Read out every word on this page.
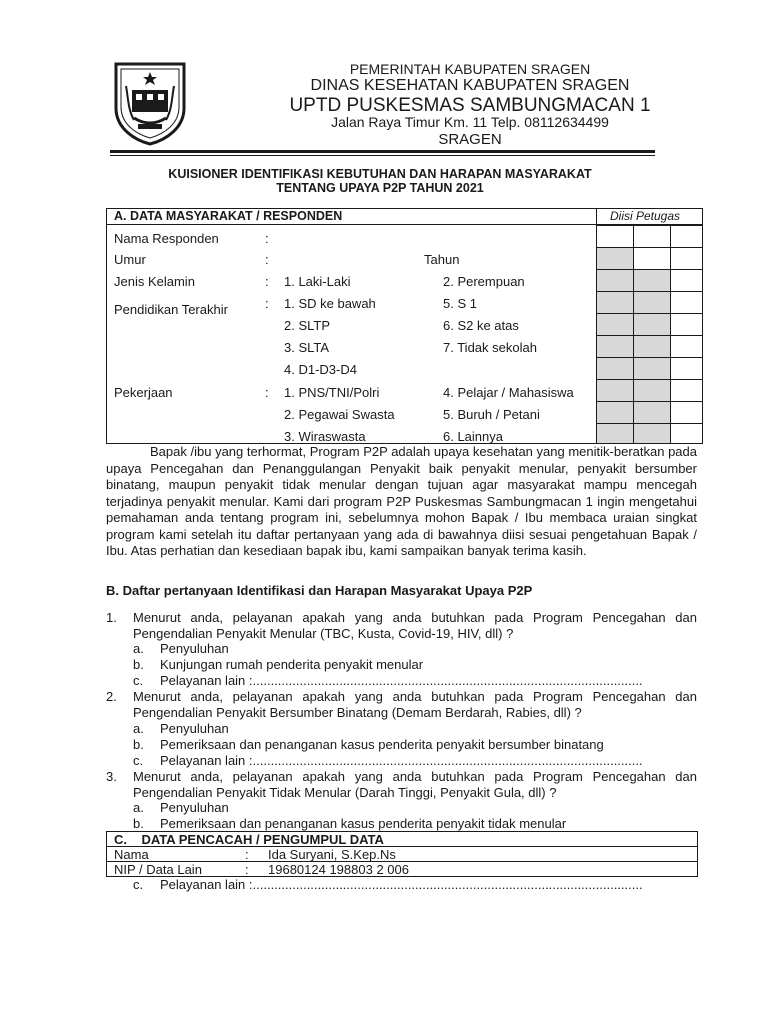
PEMERINTAH KABUPATEN SRAGEN
DINAS KESEHATAN KABUPATEN SRAGEN
UPTD PUSKESMAS SAMBUNGMACAN 1
Jalan Raya Timur Km. 11 Telp. 08112634499
SRAGEN
KUISIONER IDENTIFIKASI KEBUTUHAN DAN HARAPAN MASYARAKAT
TENTANG UPAYA P2P TAHUN 2021
A. DATA MASYARAKAT / RESPONDEN	Diisi Petugas
Nama Responden	:
Umur	:	Tahun
Jenis Kelamin	: 1. Laki-Laki	2. Perempuan
Pendidikan Terakhir	: 1. SD ke bawah	5. S 1
2. SLTP	6. S2 ke atas
3. SLTA	7. Tidak sekolah
4. D1-D3-D4
Pekerjaan	: 1. PNS/TNI/Polri	4. Pelajar / Mahasiswa
2. Pegawai Swasta	5. Buruh / Petani
3. Wiraswasta	6. Lainnya

Bapak /ibu yang terhormat, Program P2P adalah upaya kesehatan yang menitik-beratkan pada upaya Pencegahan dan Penanggulangan Penyakit baik penyakit menular, penyakit bersumber binatang, maupun penyakit tidak menular dengan tujuan agar masyarakat mampu mencegah terjadinya penyakit menular. Kami dari program P2P Puskesmas Sambungmacan 1 ingin mengetahui pemahaman anda tentang program ini, sebelumnya mohon Bapak / Ibu membaca uraian singkat program kami setelah itu daftar pertanyaan yang ada di bawahnya diisi sesuai pengetahuan Bapak / Ibu. Atas perhatian dan kesediaan bapak ibu, kami sampaikan banyak terima kasih.

B. Daftar pertanyaan Identifikasi dan Harapan Masyarakat Upaya P2P
1. Menurut anda, pelayanan apakah yang anda butuhkan pada Program Pencegahan dan Pengendalian Penyakit Menular (TBC, Kusta, Covid-19, HIV, dll) ?
a. Penyuluhan
b. Kunjungan rumah penderita penyakit menular
c. Pelayanan lain :............................................................................................................
2. Menurut anda, pelayanan apakah yang anda butuhkan pada Program Pencegahan dan Pengendalian Penyakit Bersumber Binatang (Demam Berdarah, Rabies, dll) ?
a. Penyuluhan
b. Pemeriksaan dan penanganan kasus penderita penyakit bersumber binatang
c. Pelayanan lain :............................................................................................................
3. Menurut anda, pelayanan apakah yang anda butuhkan pada Program Pencegahan dan Pengendalian Penyakit Tidak Menular (Darah Tinggi, Penyakit Gula, dll) ?
a. Penyuluhan
b. Pemeriksaan dan penanganan kasus penderita penyakit tidak menular
C.    DATA PENCACAH / PENGUMPUL DATA
Nama	: Ida Suryani, S.Kep.Ns
NIP / Data Lain	: 19680124 198803 2 006
c. Pelayanan lain :............................................................................................................
